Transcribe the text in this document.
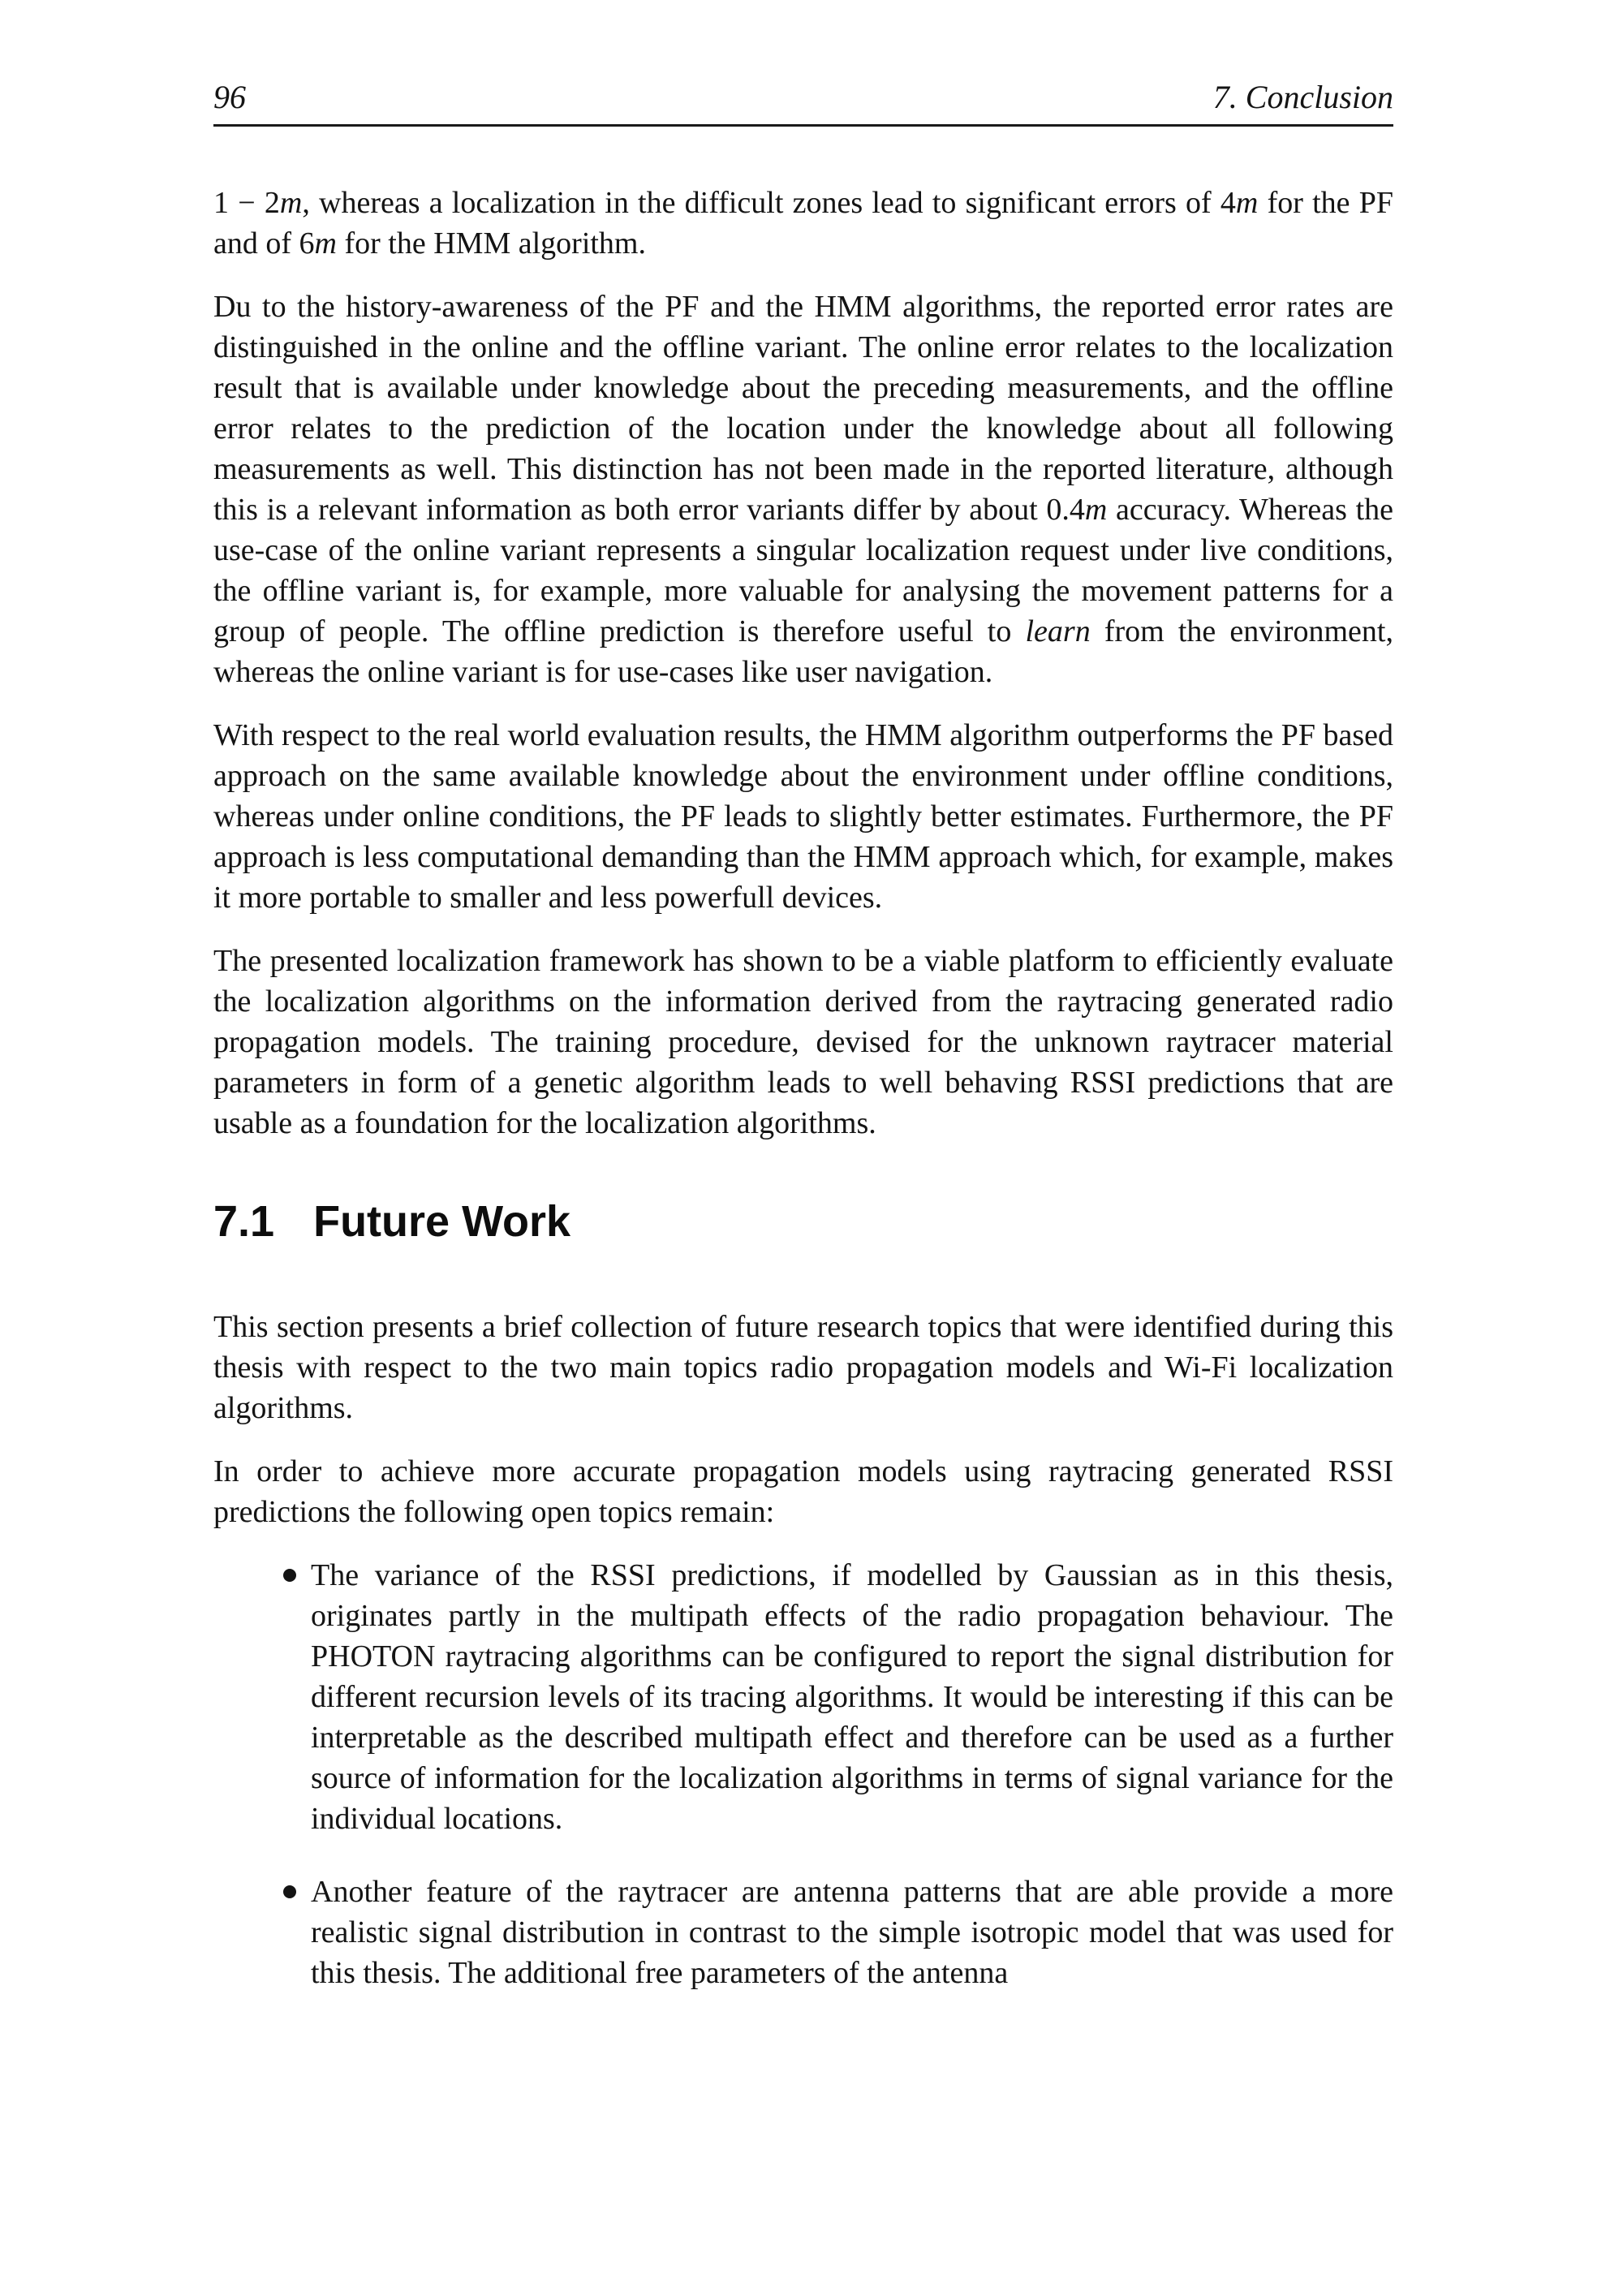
96	7. Conclusion

1 − 2m, whereas a localization in the difficult zones lead to significant errors of 4m for the PF and of 6m for the HMM algorithm.

Du to the history-awareness of the PF and the HMM algorithms, the reported error rates are distinguished in the online and the offline variant. The online error relates to the localization result that is available under knowledge about the preceding measurements, and the offline error relates to the prediction of the location under the knowledge about all following measurements as well. This distinction has not been made in the reported literature, although this is a relevant information as both error variants differ by about 0.4m accuracy. Whereas the use-case of the online variant represents a singular localization request under live conditions, the offline variant is, for example, more valuable for analysing the movement patterns for a group of people. The offline prediction is therefore useful to learn from the environment, whereas the online variant is for use-cases like user navigation.

With respect to the real world evaluation results, the HMM algorithm outperforms the PF based approach on the same available knowledge about the environment under offline conditions, whereas under online conditions, the PF leads to slightly better estimates. Furthermore, the PF approach is less computational demanding than the HMM approach which, for example, makes it more portable to smaller and less powerfull devices.

The presented localization framework has shown to be a viable platform to efficiently evaluate the localization algorithms on the information derived from the raytracing generated radio propagation models. The training procedure, devised for the unknown raytracer material parameters in form of a genetic algorithm leads to well behaving RSSI predictions that are usable as a foundation for the localization algorithms.

7.1 Future Work

This section presents a brief collection of future research topics that were identified during this thesis with respect to the two main topics radio propagation models and Wi-Fi localization algorithms.

In order to achieve more accurate propagation models using raytracing generated RSSI predictions the following open topics remain:

The variance of the RSSI predictions, if modelled by Gaussian as in this thesis, originates partly in the multipath effects of the radio propagation behaviour. The PHOTON raytracing algorithms can be configured to report the signal distribution for different recursion levels of its tracing algorithms. It would be interesting if this can be interpretable as the described multipath effect and therefore can be used as a further source of information for the localization algorithms in terms of signal variance for the individual locations.
Another feature of the raytracer are antenna patterns that are able provide a more realistic signal distribution in contrast to the simple isotropic model that was used for this thesis. The additional free parameters of the antenna
